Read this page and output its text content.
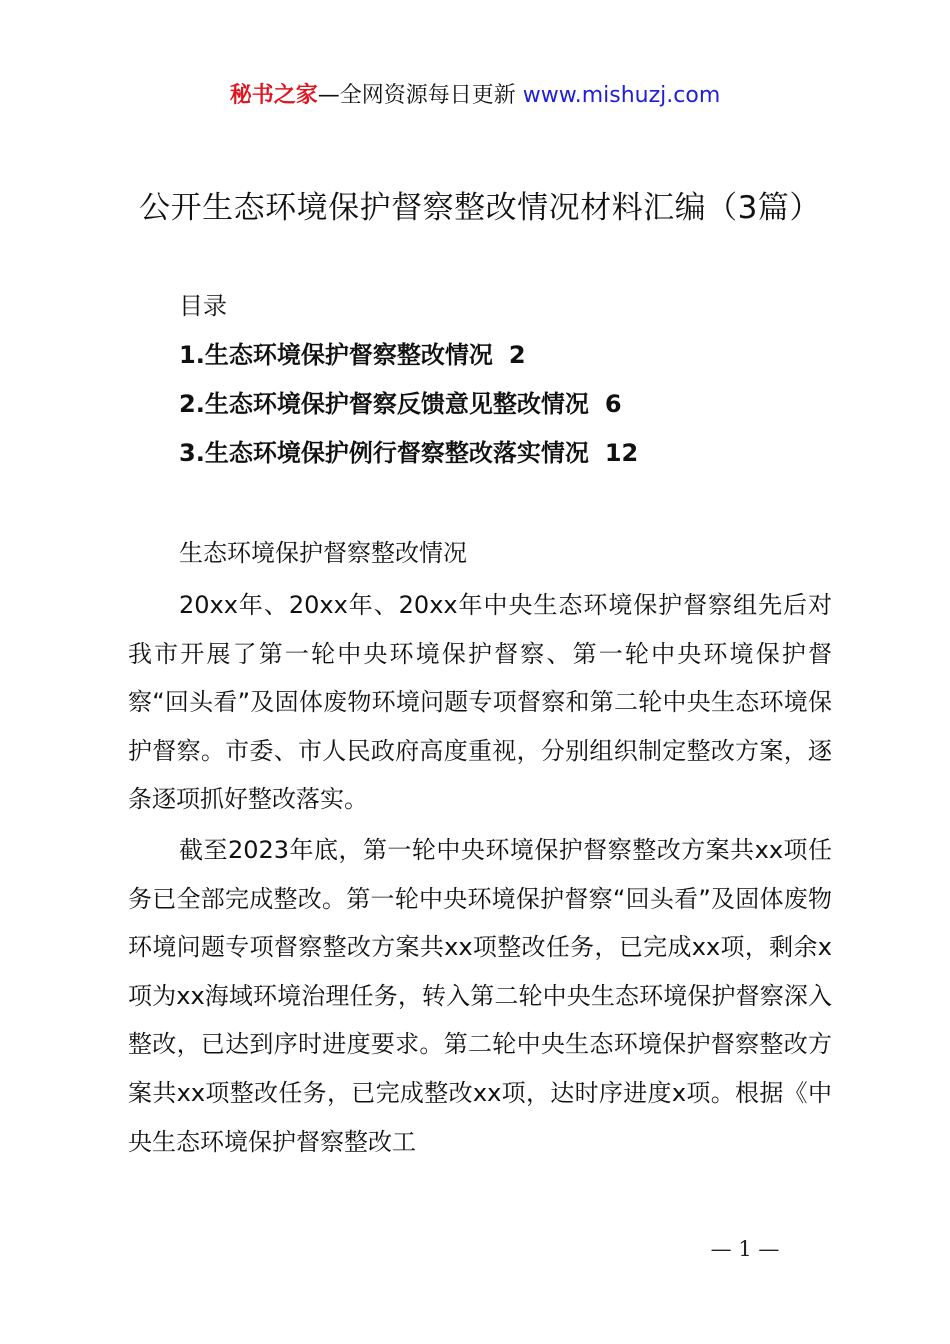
秘书之家—全网资源每日更新 www.mishuzj.com
公开生态环境保护督察整改情况材料汇编（3篇）
目录
1.生态环境保护督察整改情况 2
2.生态环境保护督察反馈意见整改情况 6
3.生态环境保护例行督察整改落实情况 12
生态环境保护督察整改情况

20xx年、20xx年、20xx年中央生态环境保护督察组先后对我市开展了第一轮中央环境保护督察、第一轮中央环境保护督察“回头看”及固体废物环境问题专项督察和第二轮中央生态环境保护督察。市委、市人民政府高度重视，分别组织制定整改方案，逐条逐项抓好整改落实。

截至2023年底，第一轮中央环境保护督察整改方案共xx项任务已全部完成整改。第一轮中央环境保护督察“回头看”及固体废物环境问题专项督察整改方案共xx项整改任务，已完成xx项，剩余x项为xx海域环境治理任务，转入第二轮中央生态环境保护督察深入整改，已达到序时进度要求。第二轮中央生态环境保护督察整改方案共xx项整改任务，已完成整改xx项，达时序进度x项。根据《中央生态环境保护督察整改工

— 1 —
